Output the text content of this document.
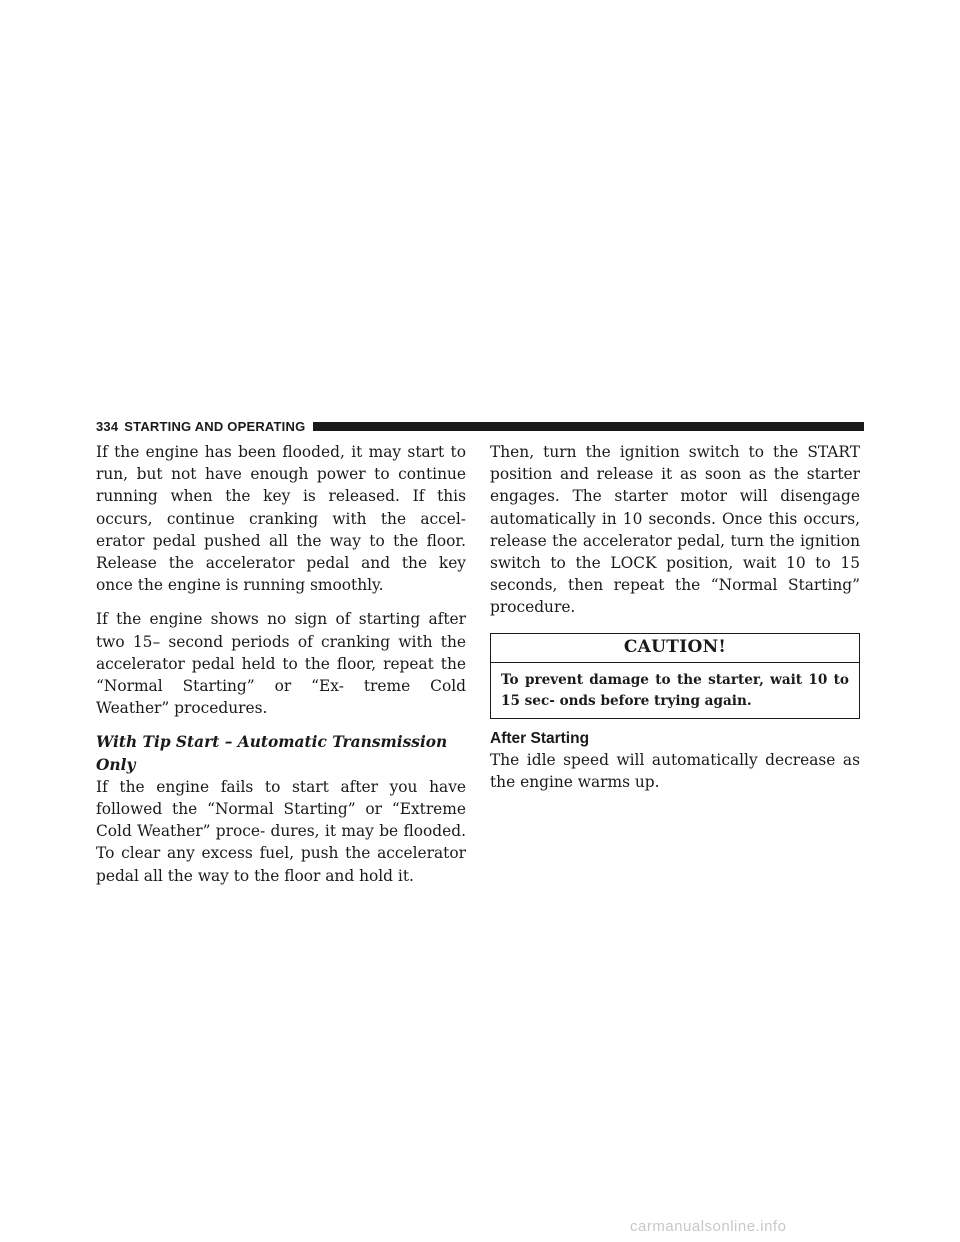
334 STARTING AND OPERATING

If the engine has been flooded, it may start to run, but not have enough power to continue running when the key is released. If this occurs, continue cranking with the accel- erator pedal pushed all the way to the floor. Release the accelerator pedal and the key once the engine is running smoothly.

If the engine shows no sign of starting after two 15– second periods of cranking with the accelerator pedal held to the floor, repeat the “Normal Starting” or “Ex- treme Cold Weather” procedures.

With Tip Start – Automatic Transmission Only

If the engine fails to start after you have followed the “Normal Starting” or “Extreme Cold Weather” proce- dures, it may be flooded. To clear any excess fuel, push the accelerator pedal all the way to the floor and hold it.

Then, turn the ignition switch to the START position and release it as soon as the starter engages. The starter motor will disengage automatically in 10 seconds. Once this occurs, release the accelerator pedal, turn the ignition switch to the LOCK position, wait 10 to 15 seconds, then repeat the “Normal Starting” procedure.

CAUTION!
To prevent damage to the starter, wait 10 to 15 sec- onds before trying again.
After Starting

The idle speed will automatically decrease as the engine warms up.

carmanualsonline.info
